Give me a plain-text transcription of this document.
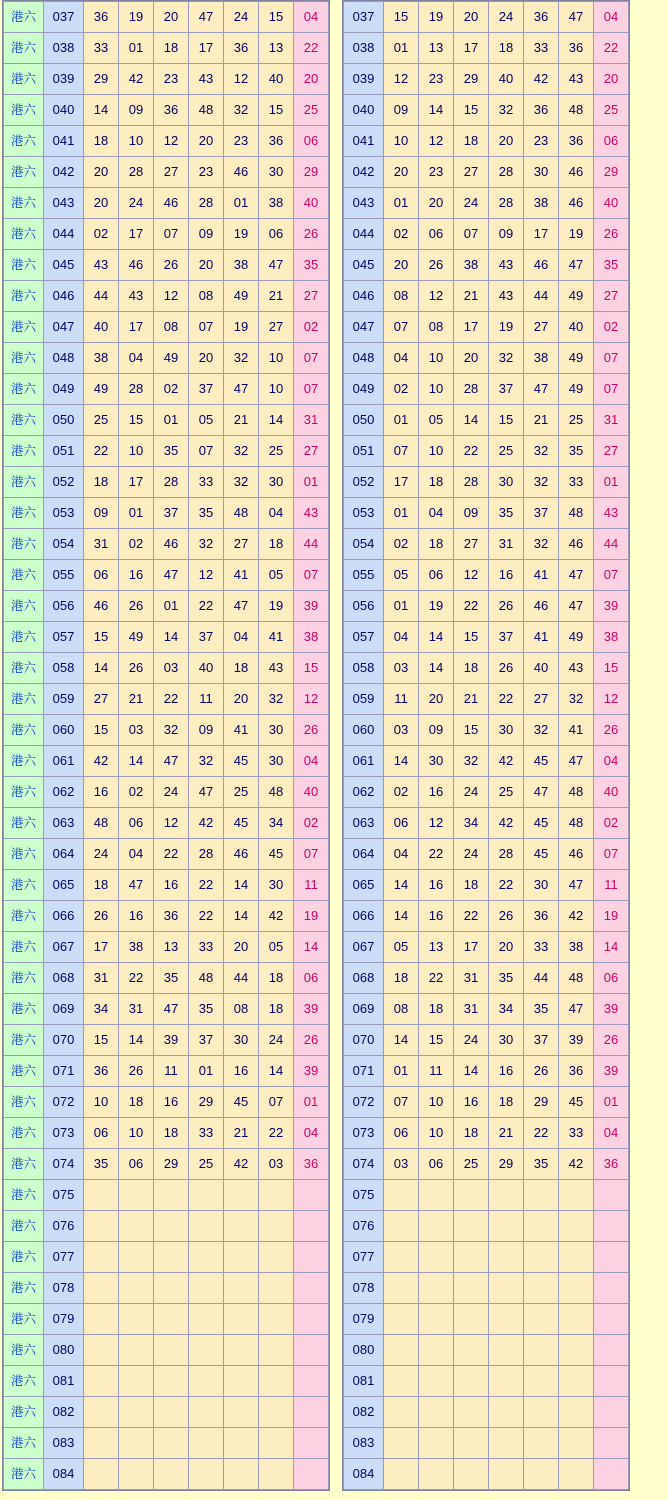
港六	037	36	19	20	47	24	15	04
港六	038	33	01	18	17	36	13	22
港六	039	29	42	23	43	12	40	20
港六	040	14	09	36	48	32	15	25
港六	041	18	10	12	20	23	36	06
港六	042	20	28	27	23	46	30	29
港六	043	20	24	46	28	01	38	40
港六	044	02	17	07	09	19	06	26
港六	045	43	46	26	20	38	47	35
港六	046	44	43	12	08	49	21	27
港六	047	40	17	08	07	19	27	02
港六	048	38	04	49	20	32	10	07
港六	049	49	28	02	37	47	10	07
港六	050	25	15	01	05	21	14	31
港六	051	22	10	35	07	32	25	27
港六	052	18	17	28	33	32	30	01
港六	053	09	01	37	35	48	04	43
港六	054	31	02	46	32	27	18	44
港六	055	06	16	47	12	41	05	07
港六	056	46	26	01	22	47	19	39
港六	057	15	49	14	37	04	41	38
港六	058	14	26	03	40	18	43	15
港六	059	27	21	22	11	20	32	12
港六	060	15	03	32	09	41	30	26
港六	061	42	14	47	32	45	30	04
港六	062	16	02	24	47	25	48	40
港六	063	48	06	12	42	45	34	02
港六	064	24	04	22	28	46	45	07
港六	065	18	47	16	22	14	30	11
港六	066	26	16	36	22	14	42	19
港六	067	17	38	13	33	20	05	14
港六	068	31	22	35	48	44	18	06
港六	069	34	31	47	35	08	18	39
港六	070	15	14	39	37	30	24	26
港六	071	36	26	11	01	16	14	39
港六	072	10	18	16	29	45	07	01
港六	073	06	10	18	33	21	22	04
港六	074	35	06	29	25	42	03	36
港六	075							
港六	076							
港六	077							
港六	078							
港六	079							
港六	080							
港六	081							
港六	082							
港六	083							
港六	084							
037	15	19	20	24	36	47	04
038	01	13	17	18	33	36	22
039	12	23	29	40	42	43	20
040	09	14	15	32	36	48	25
041	10	12	18	20	23	36	06
042	20	23	27	28	30	46	29
043	01	20	24	28	38	46	40
044	02	06	07	09	17	19	26
045	20	26	38	43	46	47	35
046	08	12	21	43	44	49	27
047	07	08	17	19	27	40	02
048	04	10	20	32	38	49	07
049	02	10	28	37	47	49	07
050	01	05	14	15	21	25	31
051	07	10	22	25	32	35	27
052	17	18	28	30	32	33	01
053	01	04	09	35	37	48	43
054	02	18	27	31	32	46	44
055	05	06	12	16	41	47	07
056	01	19	22	26	46	47	39
057	04	14	15	37	41	49	38
058	03	14	18	26	40	43	15
059	11	20	21	22	27	32	12
060	03	09	15	30	32	41	26
061	14	30	32	42	45	47	04
062	02	16	24	25	47	48	40
063	06	12	34	42	45	48	02
064	04	22	24	28	45	46	07
065	14	16	18	22	30	47	11
066	14	16	22	26	36	42	19
067	05	13	17	20	33	38	14
068	18	22	31	35	44	48	06
069	08	18	31	34	35	47	39
070	14	15	24	30	37	39	26
071	01	11	14	16	26	36	39
072	07	10	16	18	29	45	01
073	06	10	18	21	22	33	04
074	03	06	25	29	35	42	36
075							
076							
077							
078							
079							
080							
081							
082							
083							
084							
